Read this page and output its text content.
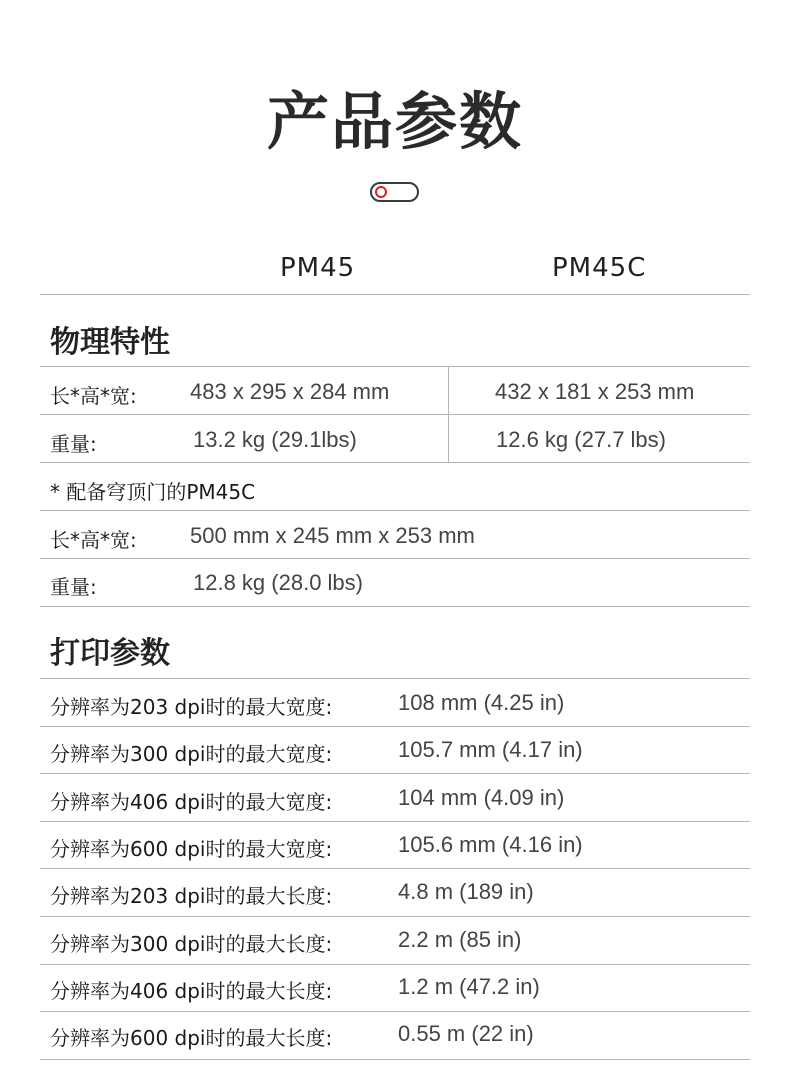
产品参数
PM45	PM45C
物理特性
长*高*宽: 483 x 295 x 284 mm	432 x 181 x 253 mm
重量:	13.2 kg (29.1lbs)	12.6 kg (27.7 lbs)
* 配备穹顶门的PM45C
长*高*宽: 500 mm x 245 mm x 253 mm
重量:	12.8 kg (28.0 lbs)
打印参数
分辨率为203 dpi时的最大宽度:	108 mm (4.25 in)
分辨率为300 dpi时的最大宽度:	105.7 mm (4.17 in)
分辨率为406 dpi时的最大宽度:	104 mm (4.09 in)
分辨率为600 dpi时的最大宽度:	105.6 mm (4.16 in)
分辨率为203 dpi时的最大长度:	4.8 m (189 in)
分辨率为300 dpi时的最大长度:	2.2 m (85 in)
分辨率为406 dpi时的最大长度:	1.2 m (47.2 in)
分辨率为600 dpi时的最大长度:	0.55 m (22 in)
